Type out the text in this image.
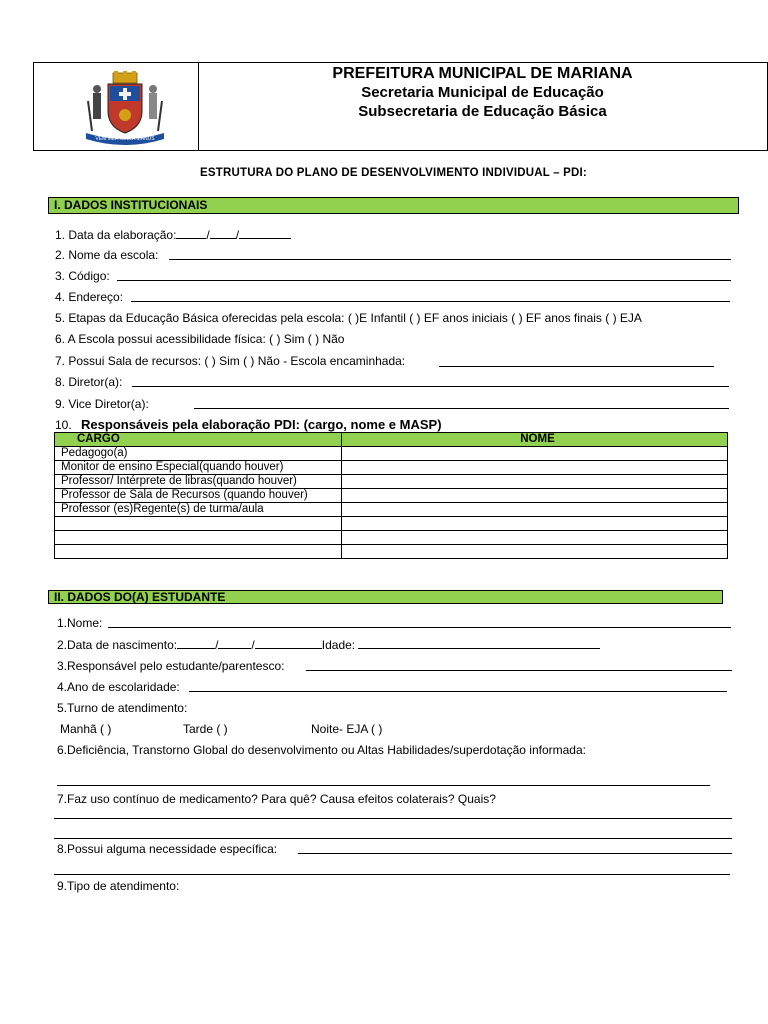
VEM MEA CELLA MANUS
PREFEITURA MUNICIPAL DE MARIANA
Secretaria Municipal de Educação
Subsecretaria de Educação Básica
ESTRUTURA DO PLANO DE DESENVOLVIMENTO INDIVIDUAL – PDI:
I. DADOS INSTITUCIONAIS
1. Data da elaboração:	/ /
2. Nome da escola:
3. Código:
4. Endereço:
5. Etapas da Educação Básica oferecidas pela escola: ( )E Infantil ( ) EF anos iniciais ( ) EF anos finais ( ) EJA
6. A Escola possui acessibilidade física: ( ) Sim ( ) Não
7. Possui Sala de recursos: ( ) Sim ( ) Não - Escola encaminhada:
8. Diretor(a):
9. Vice Diretor(a):
10. Responsáveis pela elaboração PDI: (cargo, nome e MASP)
CARGO	NOME
Pedagogo(a)	
Monitor de ensino Especial(quando houver)	
Professor/ Intérprete de libras(quando houver)	
Professor de Sala de Recursos (quando houver)	
Professor (es)Regente(s) de turma/aula	

II. DADOS DO(A) ESTUDANTE
1.Nome:
2.Data de nascimento:	/	/	Idade:
3.Responsável pelo estudante/parentesco:
4.Ano de escolaridade:
5.Turno de atendimento:
Manhã ( )	Tarde ( )	Noite- EJA ( )
6.Deficiência, Transtorno Global do desenvolvimento ou Altas Habilidades/superdotação informada:
7.Faz uso contínuo de medicamento? Para quê? Causa efeitos colaterais? Quais?
8.Possui alguma necessidade específica:
9.Tipo de atendimento:
